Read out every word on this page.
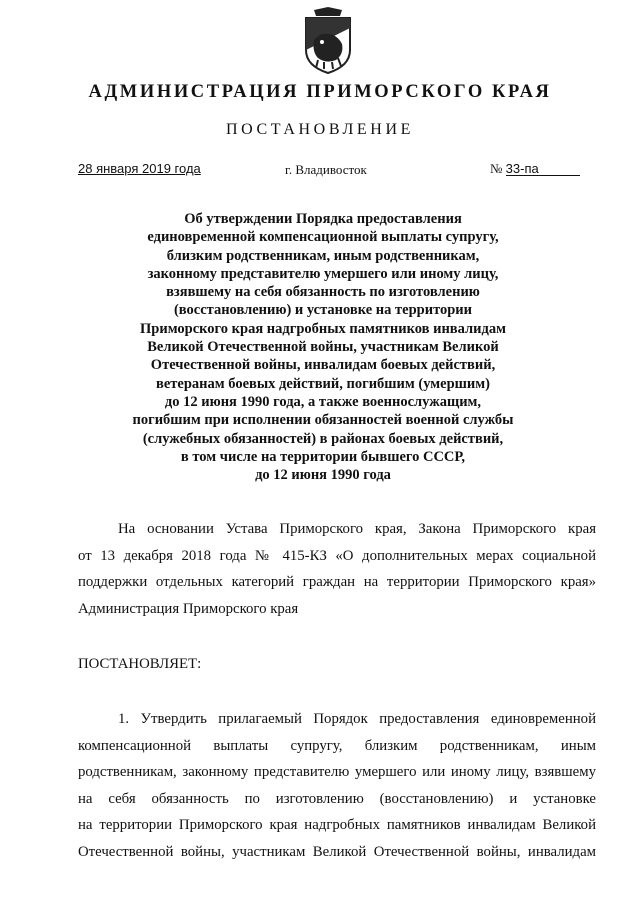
АДМИНИСТРАЦИЯ ПРИМОРСКОГО КРАЯ
ПОСТАНОВЛЕНИЕ
28 января 2019 года	г. Владивосток	№ 33-па
Об утверждении Порядка предоставления
единовременной компенсационной выплаты супругу,
близким родственникам, иным родственникам,
законному представителю умершего или иному лицу,
взявшему на себя обязанность по изготовлению
(восстановлению) и установке на территории
Приморского края надгробных памятников инвалидам
Великой Отечественной войны, участникам Великой
Отечественной войны, инвалидам боевых действий,
ветеранам боевых действий, погибшим (умершим)
до 12 июня 1990 года, а также военнослужащим,
погибшим при исполнении обязанностей военной службы
(служебных обязанностей) в районах боевых действий,
в том числе на территории бывшего СССР,
до 12 июня 1990 года
На основании Устава Приморского края, Закона Приморского края
от 13 декабря 2018 года № 415-КЗ «О дополнительных мерах социальной
поддержки отдельных категорий граждан на территории Приморского края»
Администрация Приморского края
ПОСТАНОВЛЯЕТ:
1. Утвердить прилагаемый Порядок предоставления единовременной
компенсационной выплаты супругу, близким родственникам, иным
родственникам, законному представителю умершего или иному лицу, взявшему
на себя обязанность по изготовлению (восстановлению) и установке
на территории Приморского края надгробных памятников инвалидам Великой
Отечественной войны, участникам Великой Отечественной войны, инвалидам
